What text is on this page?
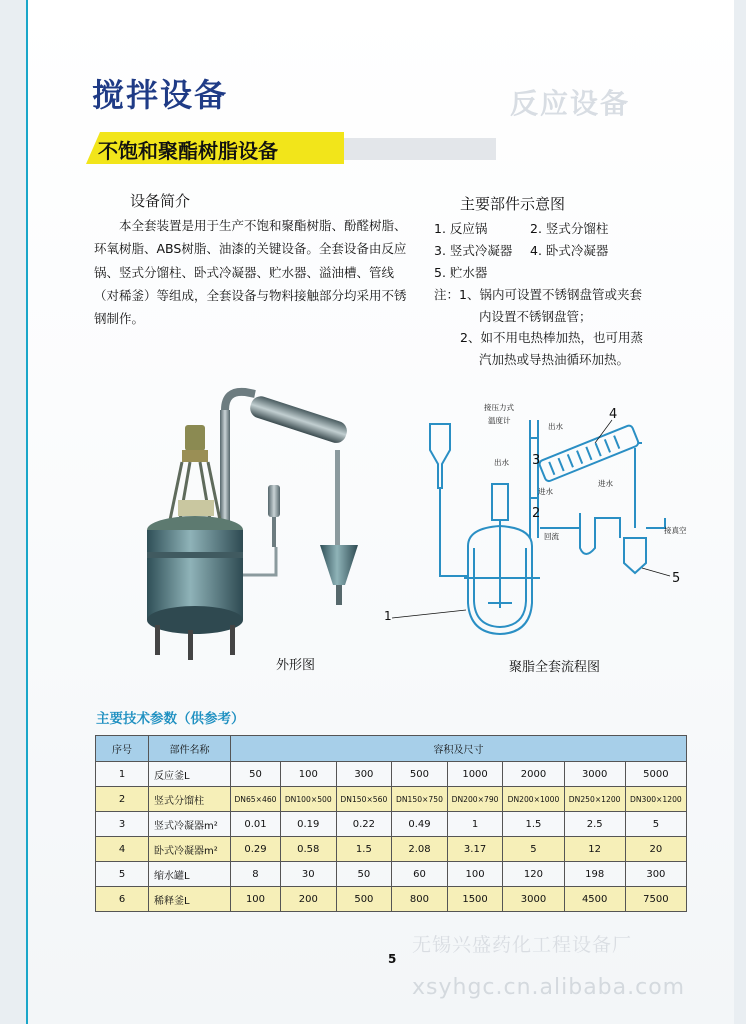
反应设备
搅拌设备
不饱和聚酯树脂设备
设备简介

本全套装置是用于生产不饱和聚酯树脂、酚醛树脂、环氧树脂、ABS树脂、油漆的关键设备。全套设备由反应锅、竖式分馏柱、卧式冷凝器、贮水器、溢油槽、管线（对稀釜）等组成，全套设备与物料接触部分均采用不锈钢制作。

主要部件示意图
1. 反应锅	2. 竖式分馏柱
3. 竖式冷凝器 4. 卧式冷凝器
5. 贮水器
注：1、锅内可设置不锈钢盘管或夹套
内设置不锈钢盘管；
2、如不用电热棒加热，也可用蒸
汽加热或导热油循环加热。
外形图
接压力式
温度计
出水
出水
进水
进水
回流
接真空
1
2
3
4
5
聚脂全套流程图
主要技术参数（供参考）
序号	部件名称	容积及尺寸							
1	反应釜L	50	100	300	500	1000	2000	3000	5000
2	竖式分馏柱	DN65×460	DN100×500	DN150×560	DN150×750	DN200×790	DN200×1000	DN250×1200	DN300×1200
3	竖式冷凝器m²	0.01	0.19	0.22	0.49	1	1.5	2.5	5
4	卧式冷凝器m²	0.29	0.58	1.5	2.08	3.17	5	12	20
5	缩水罐L	8	30	50	60	100	120	198	300
6	稀释釜L	100	200	500	800	1500	3000	4500	7500
无锡兴盛药化工程设备厂
5
xsyhgc.cn.alibaba.com
